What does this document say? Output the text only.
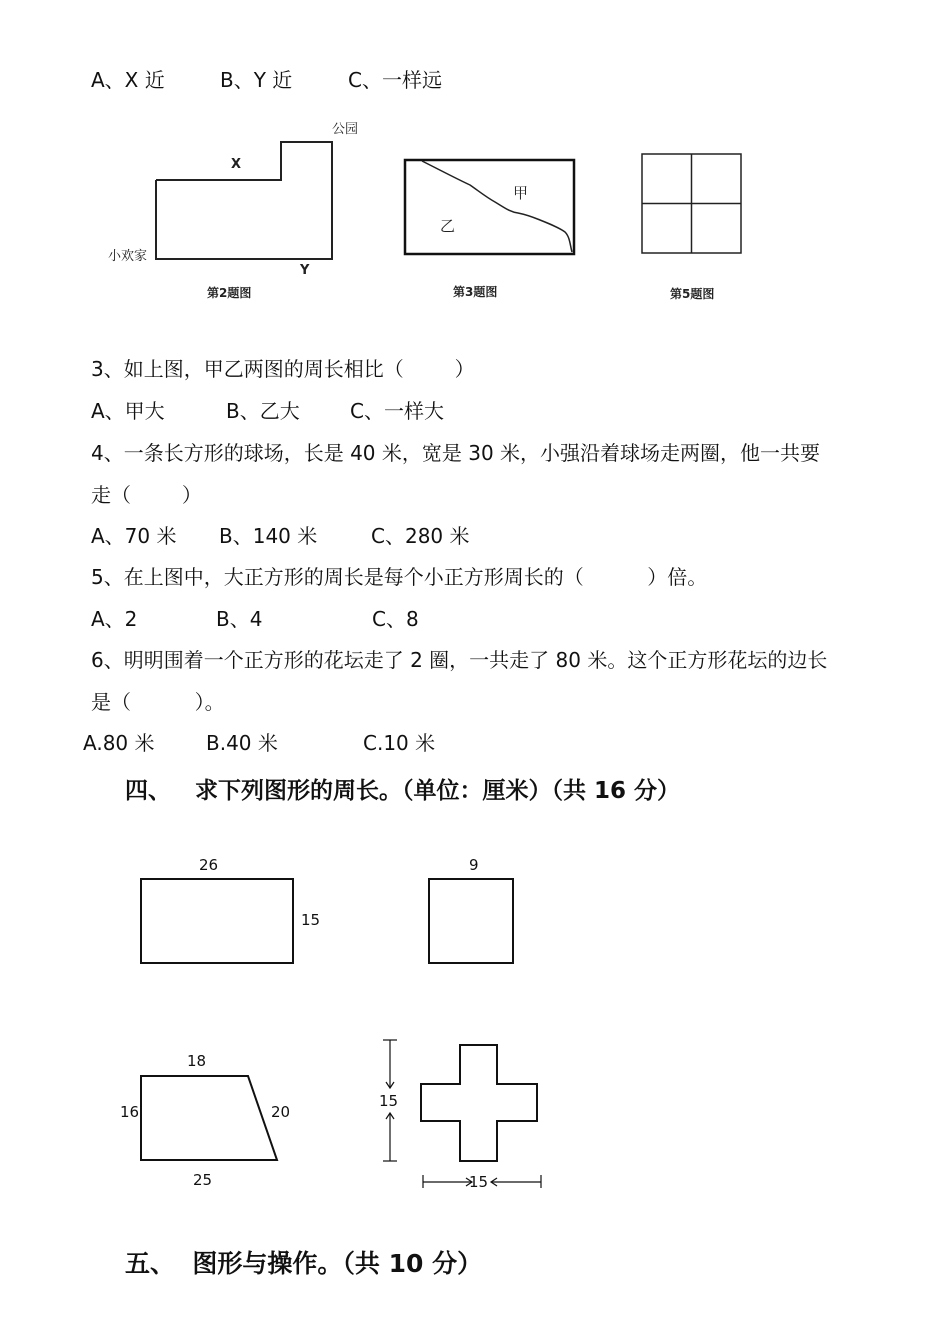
A、X 近	B、Y 近	C、一样远
公园
小欢家
X
Y
第2题图
甲
乙
第3题图	第5题图
3、如上图，甲乙两图的周长相比（        ）
A、甲大	B、乙大	C、一样大
4、一条长方形的球场，长是 40 米，宽是 30 米，小强沿着球场走两圈，他一共要
走（        ）
A、70 米 B、140 米	C、280 米
5、在上图中，大正方形的周长是每个小正方形周长的（          ）倍。
A、2	B、4	C、8
6、明明围着一个正方形的花坛走了 2 圈，一共走了 80 米。这个正方形花坛的边长
是（          ）。
A.80 米	B.40 米	C.10 米
四、   求下列图形的周长。（单位：厘米）（共 16 分）
26
15
9
18
16	20
25
15
15
五、  图形与操作。（共 10 分）
